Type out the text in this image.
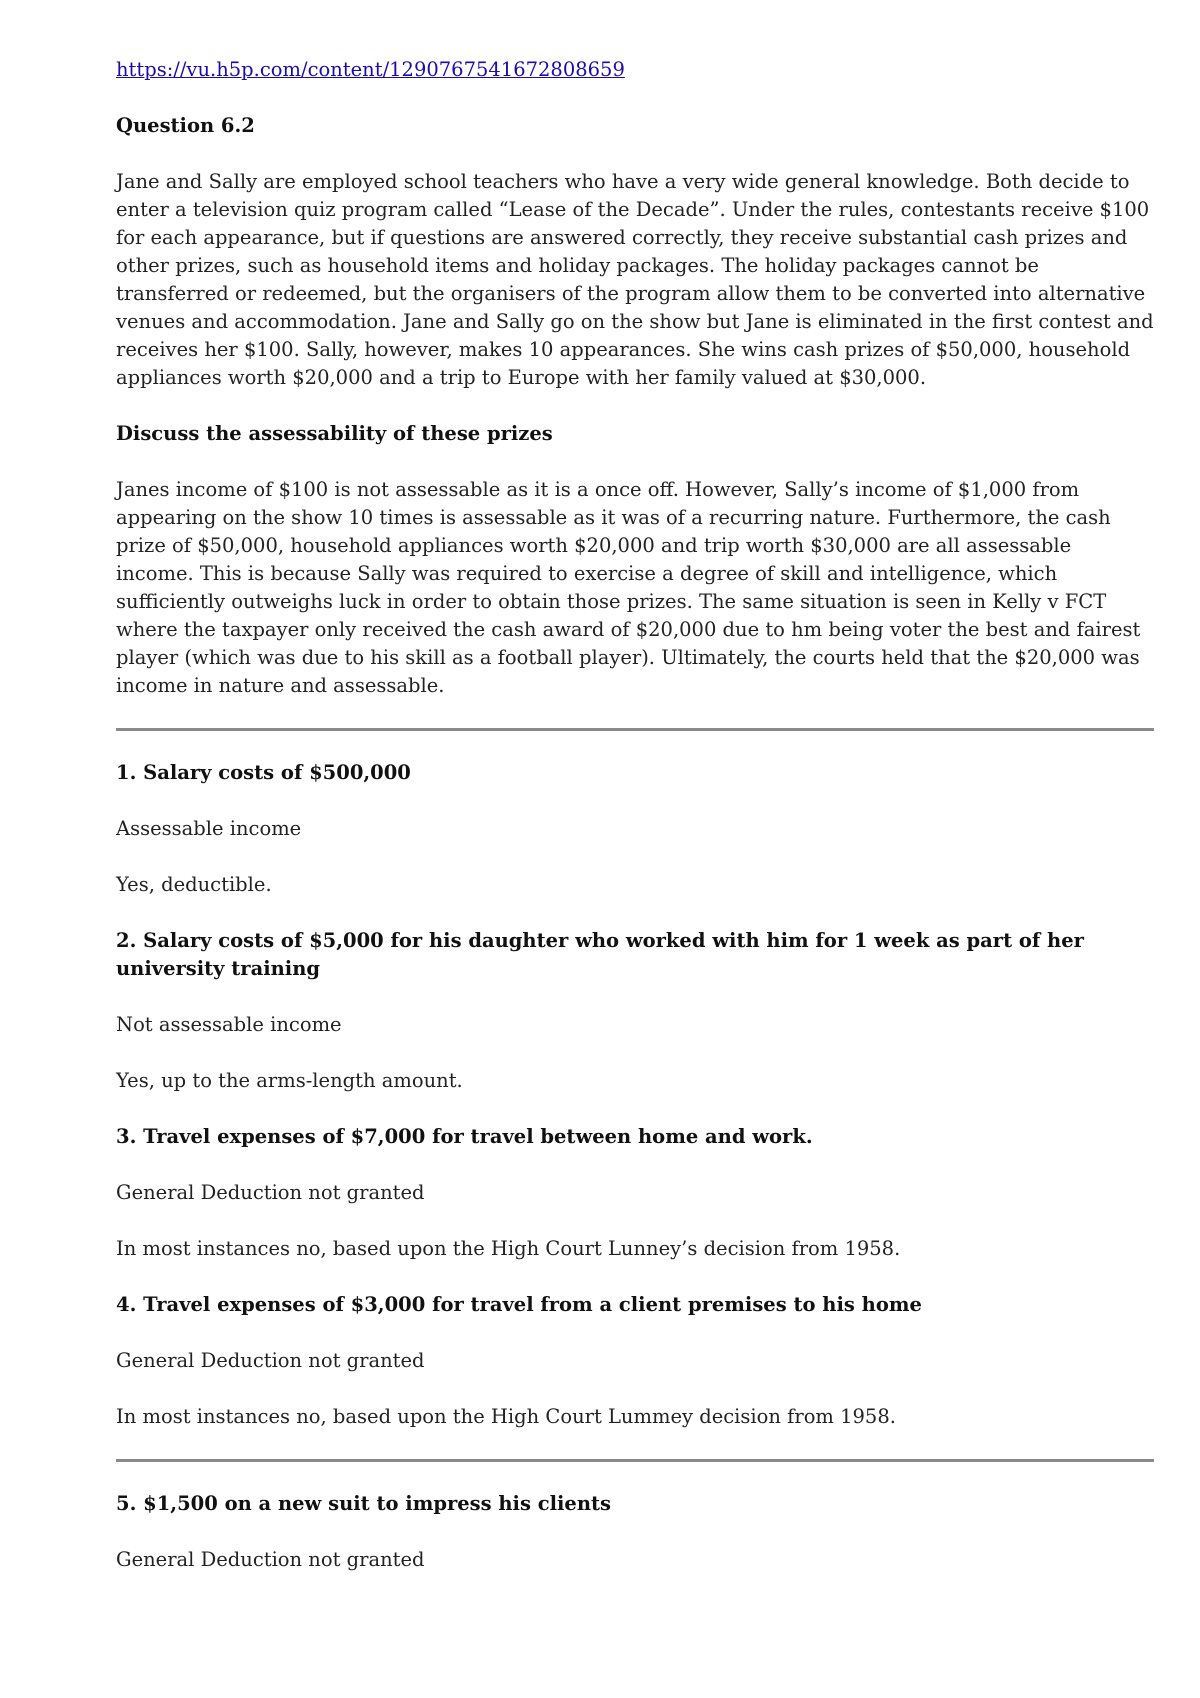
https://vu.h5p.com/content/1290767541672808659
Question 6.2
Jane and Sally are employed school teachers who have a very wide general knowledge. Both decide to enter a television quiz program called “Lease of the Decade”. Under the rules, contestants receive $100 for each appearance, but if questions are answered correctly, they receive substantial cash prizes and other prizes, such as household items and holiday packages. The holiday packages cannot be transferred or redeemed, but the organisers of the program allow them to be converted into alternative venues and accommodation. Jane and Sally go on the show but Jane is eliminated in the first contest and receives her $100. Sally, however, makes 10 appearances. She wins cash prizes of $50,000, household appliances worth $20,000 and a trip to Europe with her family valued at $30,000.
Discuss the assessability of these prizes
Janes income of $100 is not assessable as it is a once off. However, Sally’s income of $1,000 from appearing on the show 10 times is assessable as it was of a recurring nature. Furthermore, the cash prize of $50,000, household appliances worth $20,000 and trip worth $30,000 are all assessable income. This is because Sally was required to exercise a degree of skill and intelligence, which sufficiently outweighs luck in order to obtain those prizes. The same situation is seen in Kelly v FCT where the taxpayer only received the cash award of $20,000 due to hm being voter the best and fairest player (which was due to his skill as a football player). Ultimately, the courts held that the $20,000 was income in nature and assessable.
1. Salary costs of $500,000
Assessable income
Yes, deductible.
2. Salary costs of $5,000 for his daughter who worked with him for 1 week as part of her university training
Not assessable income
Yes, up to the arms-length amount.
3. Travel expenses of $7,000 for travel between home and work.
General Deduction not granted
In most instances no, based upon the High Court Lunney’s decision from 1958.
4. Travel expenses of $3,000 for travel from a client premises to his home
General Deduction not granted
In most instances no, based upon the High Court Lummey decision from 1958.
5. $1,500 on a new suit to impress his clients
General Deduction not granted
